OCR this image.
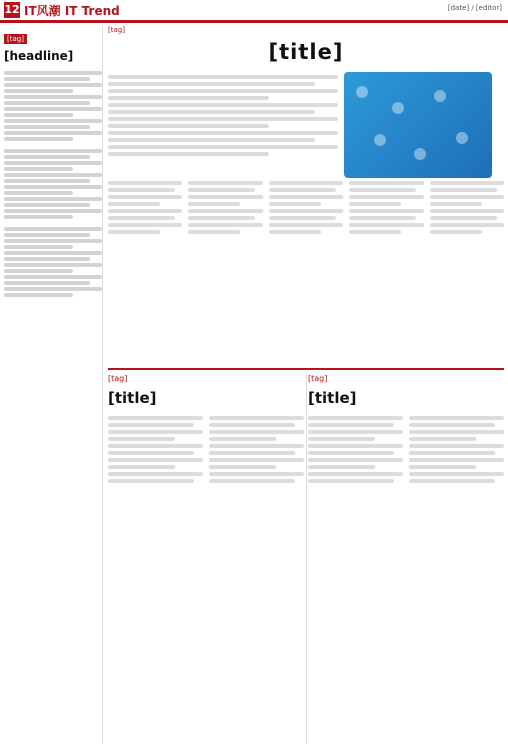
12 IT风潮 IT Trend	[date] / [editor]
[tag]
[headline]
[tag]
[title]
[tag]
[title]
[tag]
[title]
